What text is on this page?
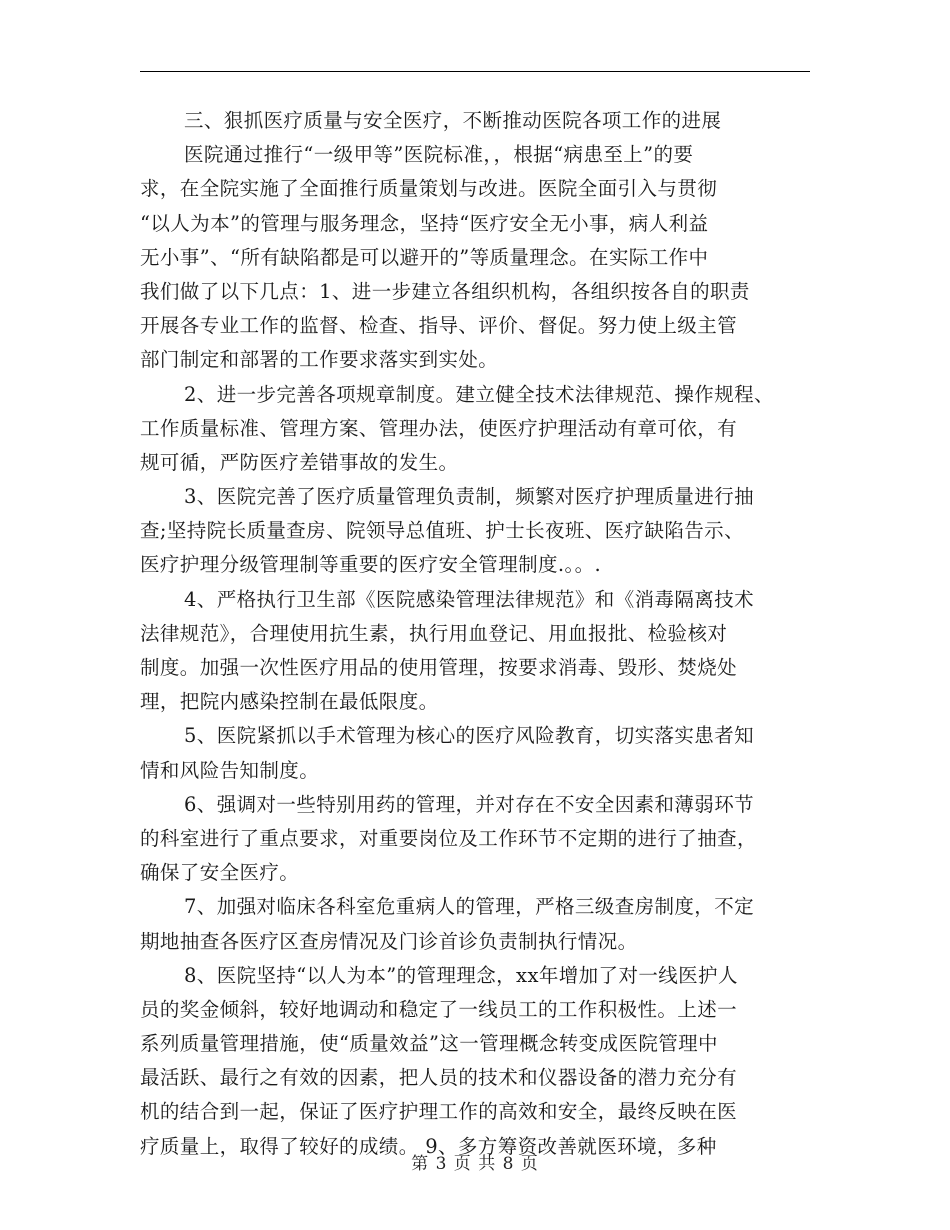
三、狠抓医疗质量与安全医疗，不断推动医院各项工作的进展
医院通过推行“一级甲等”医院标准，，根据“病患至上”的要
求，在全院实施了全面推行质量策划与改进。医院全面引入与贯彻
“以人为本”的管理与服务理念，坚持“医疗安全无小事，病人利益
无小事”、“所有缺陷都是可以避开的”等质量理念。在实际工作中
我们做了以下几点：1、进一步建立各组织机构，各组织按各自的职责
开展各专业工作的监督、检查、指导、评价、督促。努力使上级主管
部门制定和部署的工作要求落实到实处。
2、进一步完善各项规章制度。建立健全技术法律规范、操作规程、
工作质量标准、管理方案、管理办法，使医疗护理活动有章可依，有
规可循，严防医疗差错事故的发生。
3、医院完善了医疗质量管理负责制，频繁对医疗护理质量进行抽
查;坚持院长质量查房、院领导总值班、护士长夜班、医疗缺陷告示、
医疗护理分级管理制等重要的医疗安全管理制度.。。.
4、严格执行卫生部《医院感染管理法律规范》和《消毒隔离技术
法律规范》，合理使用抗生素，执行用血登记、用血报批、检验核对
制度。加强一次性医疗用品的使用管理，按要求消毒、毁形、焚烧处
理，把院内感染控制在最低限度。
5、医院紧抓以手术管理为核心的医疗风险教育，切实落实患者知
情和风险告知制度。
6、强调对一些特别用药的管理，并对存在不安全因素和薄弱环节
的科室进行了重点要求，对重要岗位及工作环节不定期的进行了抽查，
确保了安全医疗。
7、加强对临床各科室危重病人的管理，严格三级查房制度，不定
期地抽查各医疗区查房情况及门诊首诊负责制执行情况。
8、医院坚持“以人为本”的管理理念，xx年增加了对一线医护人
员的奖金倾斜，较好地调动和稳定了一线员工的工作积极性。上述一
系列质量管理措施，使“质量效益”这一管理概念转变成医院管理中
最活跃、最行之有效的因素，把人员的技术和仪器设备的潜力充分有
机的结合到一起，保证了医疗护理工作的高效和安全，最终反映在医
疗质量上，取得了较好的成绩。 9、多方筹资改善就医环境，多种
第 3 页 共 8 页
